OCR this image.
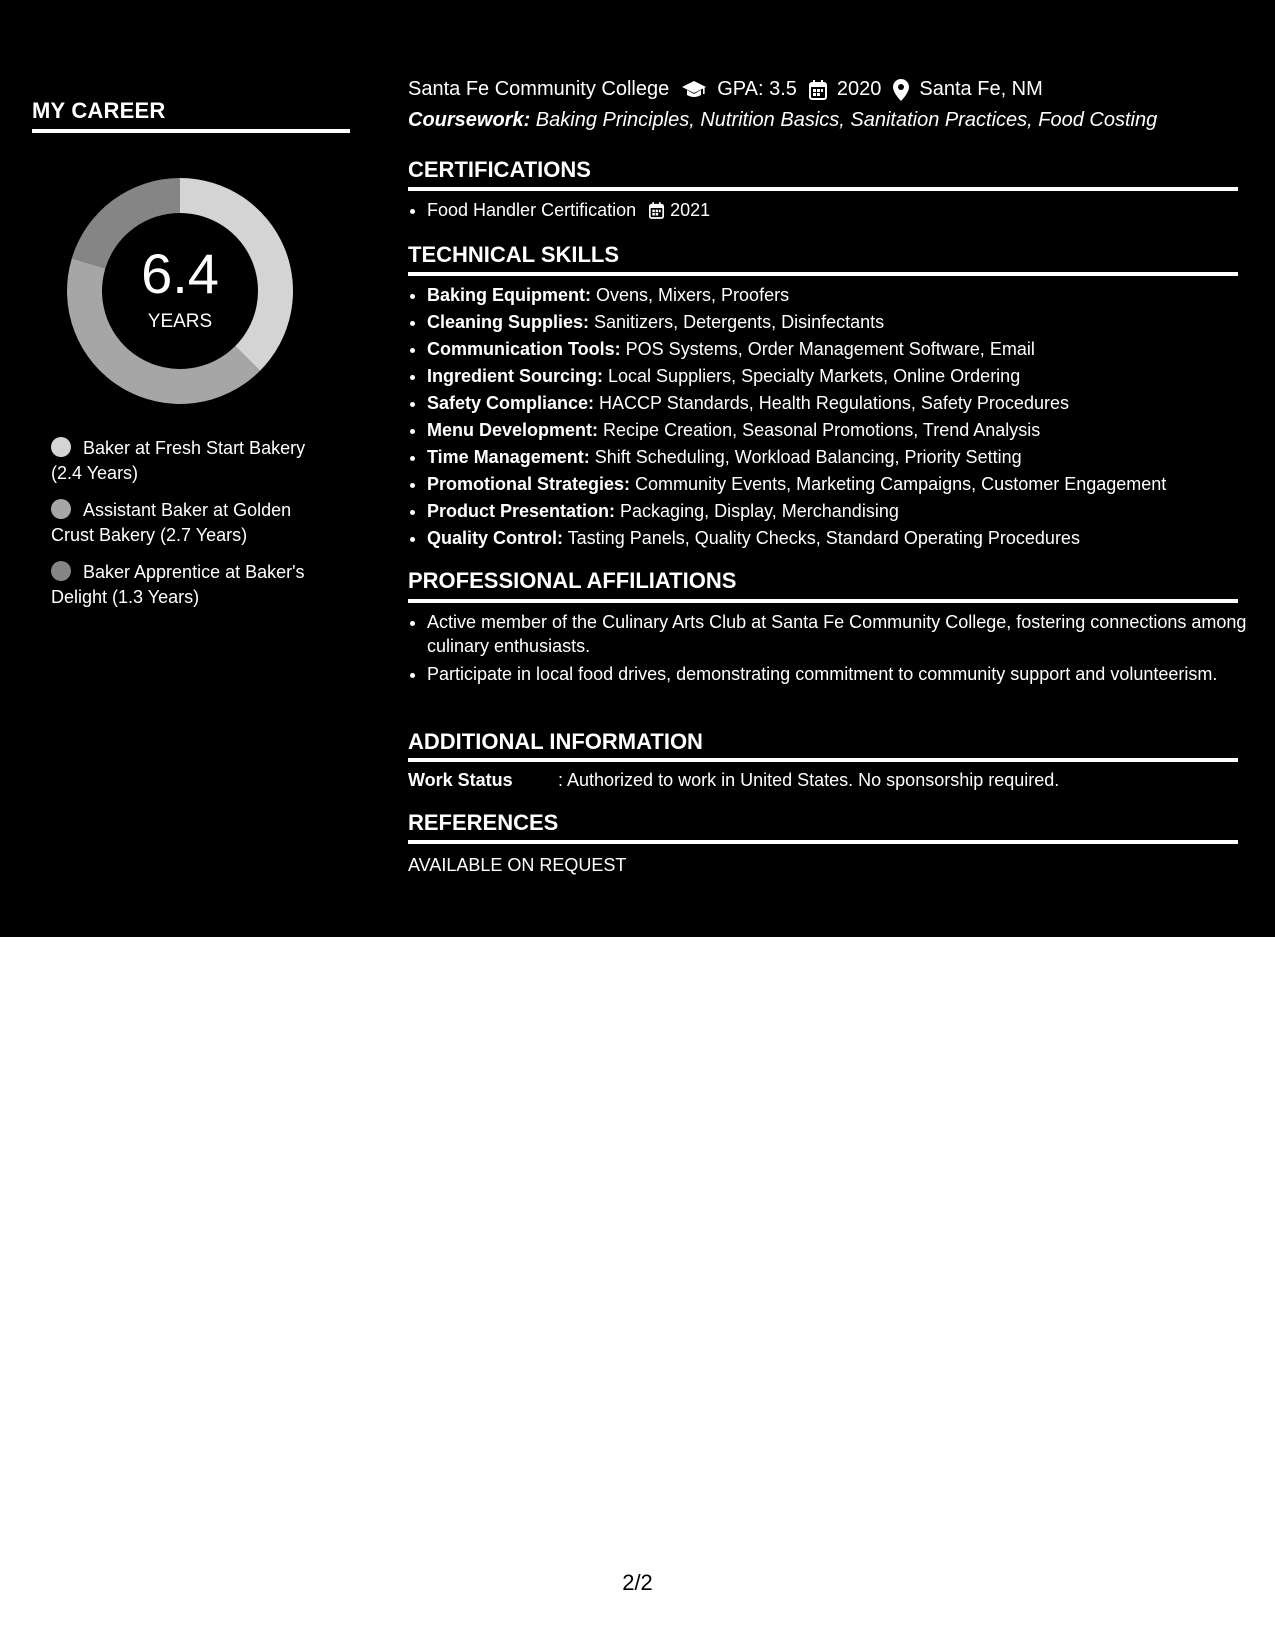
MY CAREER
6.4
YEARS
Baker at Fresh Start Bakery (2.4 Years)
Assistant Baker at Golden Crust Bakery (2.7 Years)
Baker Apprentice at Baker's Delight (1.3 Years)
Santa Fe Community College GPA: 3.5 2020 Santa Fe, NM
Coursework: Baking Principles, Nutrition Basics, Sanitation Practices, Food Costing
CERTIFICATIONS
• Food Handler Certification 2021
TECHNICAL SKILLS
• Baking Equipment: Ovens, Mixers, Proofers
• Cleaning Supplies: Sanitizers, Detergents, Disinfectants
• Communication Tools: POS Systems, Order Management Software, Email
• Ingredient Sourcing: Local Suppliers, Specialty Markets, Online Ordering
• Safety Compliance: HACCP Standards, Health Regulations, Safety Procedures
• Menu Development: Recipe Creation, Seasonal Promotions, Trend Analysis
• Time Management: Shift Scheduling, Workload Balancing, Priority Setting
• Promotional Strategies: Community Events, Marketing Campaigns, Customer Engagement
• Product Presentation: Packaging, Display, Merchandising
• Quality Control: Tasting Panels, Quality Checks, Standard Operating Procedures
PROFESSIONAL AFFILIATIONS
• Active member of the Culinary Arts Club at Santa Fe Community College, fostering connections among culinary enthusiasts.
• Participate in local food drives, demonstrating commitment to community support and volunteerism.
ADDITIONAL INFORMATION
Work Status	: Authorized to work in United States. No sponsorship required.
REFERENCES
AVAILABLE ON REQUEST
2/2
